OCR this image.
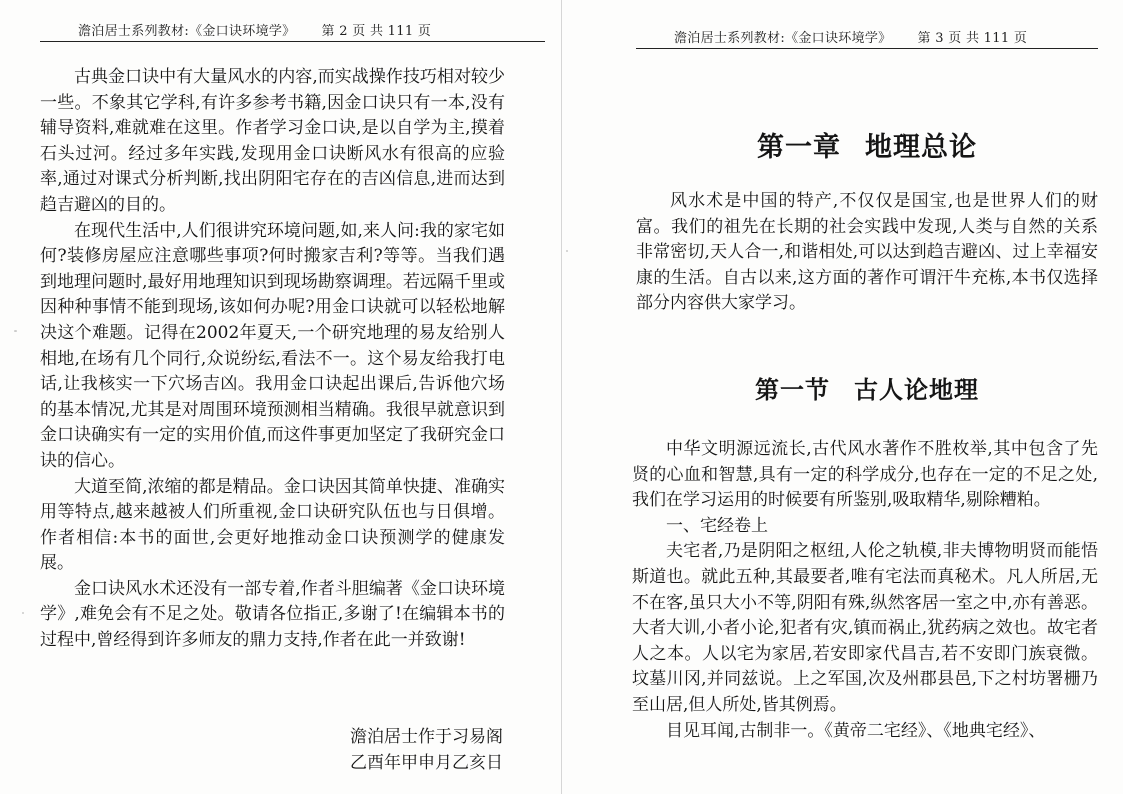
澹泊居士系列教材:《金口诀环境学》 第 2 页 共 111 页

古典金口诀中有大量风水的内容,而实战操作技巧相对较少一些。不象其它学科,有许多参考书籍,因金口诀只有一本,没有辅导资料,难就难在这里。作者学习金口诀,是以自学为主,摸着石头过河。经过多年实践,发现用金口诀断风水有很高的应验率,通过对课式分析判断,找出阴阳宅存在的吉凶信息,进而达到趋吉避凶的目的。

在现代生活中,人们很讲究环境问题,如,来人问:我的家宅如何?装修房屋应注意哪些事项?何时搬家吉利?等等。当我们遇到地理问题时,最好用地理知识到现场勘察调理。若远隔千里或因种种事情不能到现场,该如何办呢?用金口诀就可以轻松地解决这个难题。记得在2002年夏天,一个研究地理的易友给别人相地,在场有几个同行,众说纷纭,看法不一。这个易友给我打电话,让我核实一下穴场吉凶。我用金口诀起出课后,告诉他穴场的基本情况,尤其是对周围环境预测相当精确。我很早就意识到金口诀确实有一定的实用价值,而这件事更加坚定了我研究金口诀的信心。

大道至简,浓缩的都是精品。金口诀因其简单快捷、准确实用等特点,越来越被人们所重视,金口诀研究队伍也与日俱增。作者相信:本书的面世,会更好地推动金口诀预测学的健康发展。

金口诀风水术还没有一部专着,作者斗胆编著《金口诀环境学》,难免会有不足之处。敬请各位指正,多谢了!在编辑本书的过程中,曾经得到许多师友的鼎力支持,作者在此一并致谢!

澹泊居士作于习易阁
乙酉年甲申月乙亥日
澹泊居士系列教材:《金口诀环境学》 第 3 页 共 111 页
第一章 地理总论

风水术是中国的特产,不仅仅是国宝,也是世界人们的财富。我们的祖先在长期的社会实践中发现,人类与自然的关系非常密切,天人合一,和谐相处,可以达到趋吉避凶、过上幸福安康的生活。自古以来,这方面的著作可谓汗牛充栋,本书仅选择部分内容供大家学习。

第一节 古人论地理

中华文明源远流长,古代风水著作不胜枚举,其中包含了先贤的心血和智慧,具有一定的科学成分,也存在一定的不足之处,我们在学习运用的时候要有所鉴别,吸取精华,剔除糟粕。

一、宅经卷上

夫宅者,乃是阴阳之枢纽,人伦之轨模,非夫博物明贤而能悟斯道也。就此五种,其最要者,唯有宅法而真秘术。凡人所居,无不在客,虽只大小不等,阴阳有殊,纵然客居一室之中,亦有善恶。大者大训,小者小论,犯者有灾,镇而祸止,犹药病之效也。故宅者人之本。人以宅为家居,若安即家代昌吉,若不安即门族衰微。坟墓川冈,并同兹说。上之军国,次及州郡县邑,下之村坊署栅乃至山居,但人所处,皆其例焉。

目见耳闻,古制非一。《黄帝二宅经》、《地典宅经》、
